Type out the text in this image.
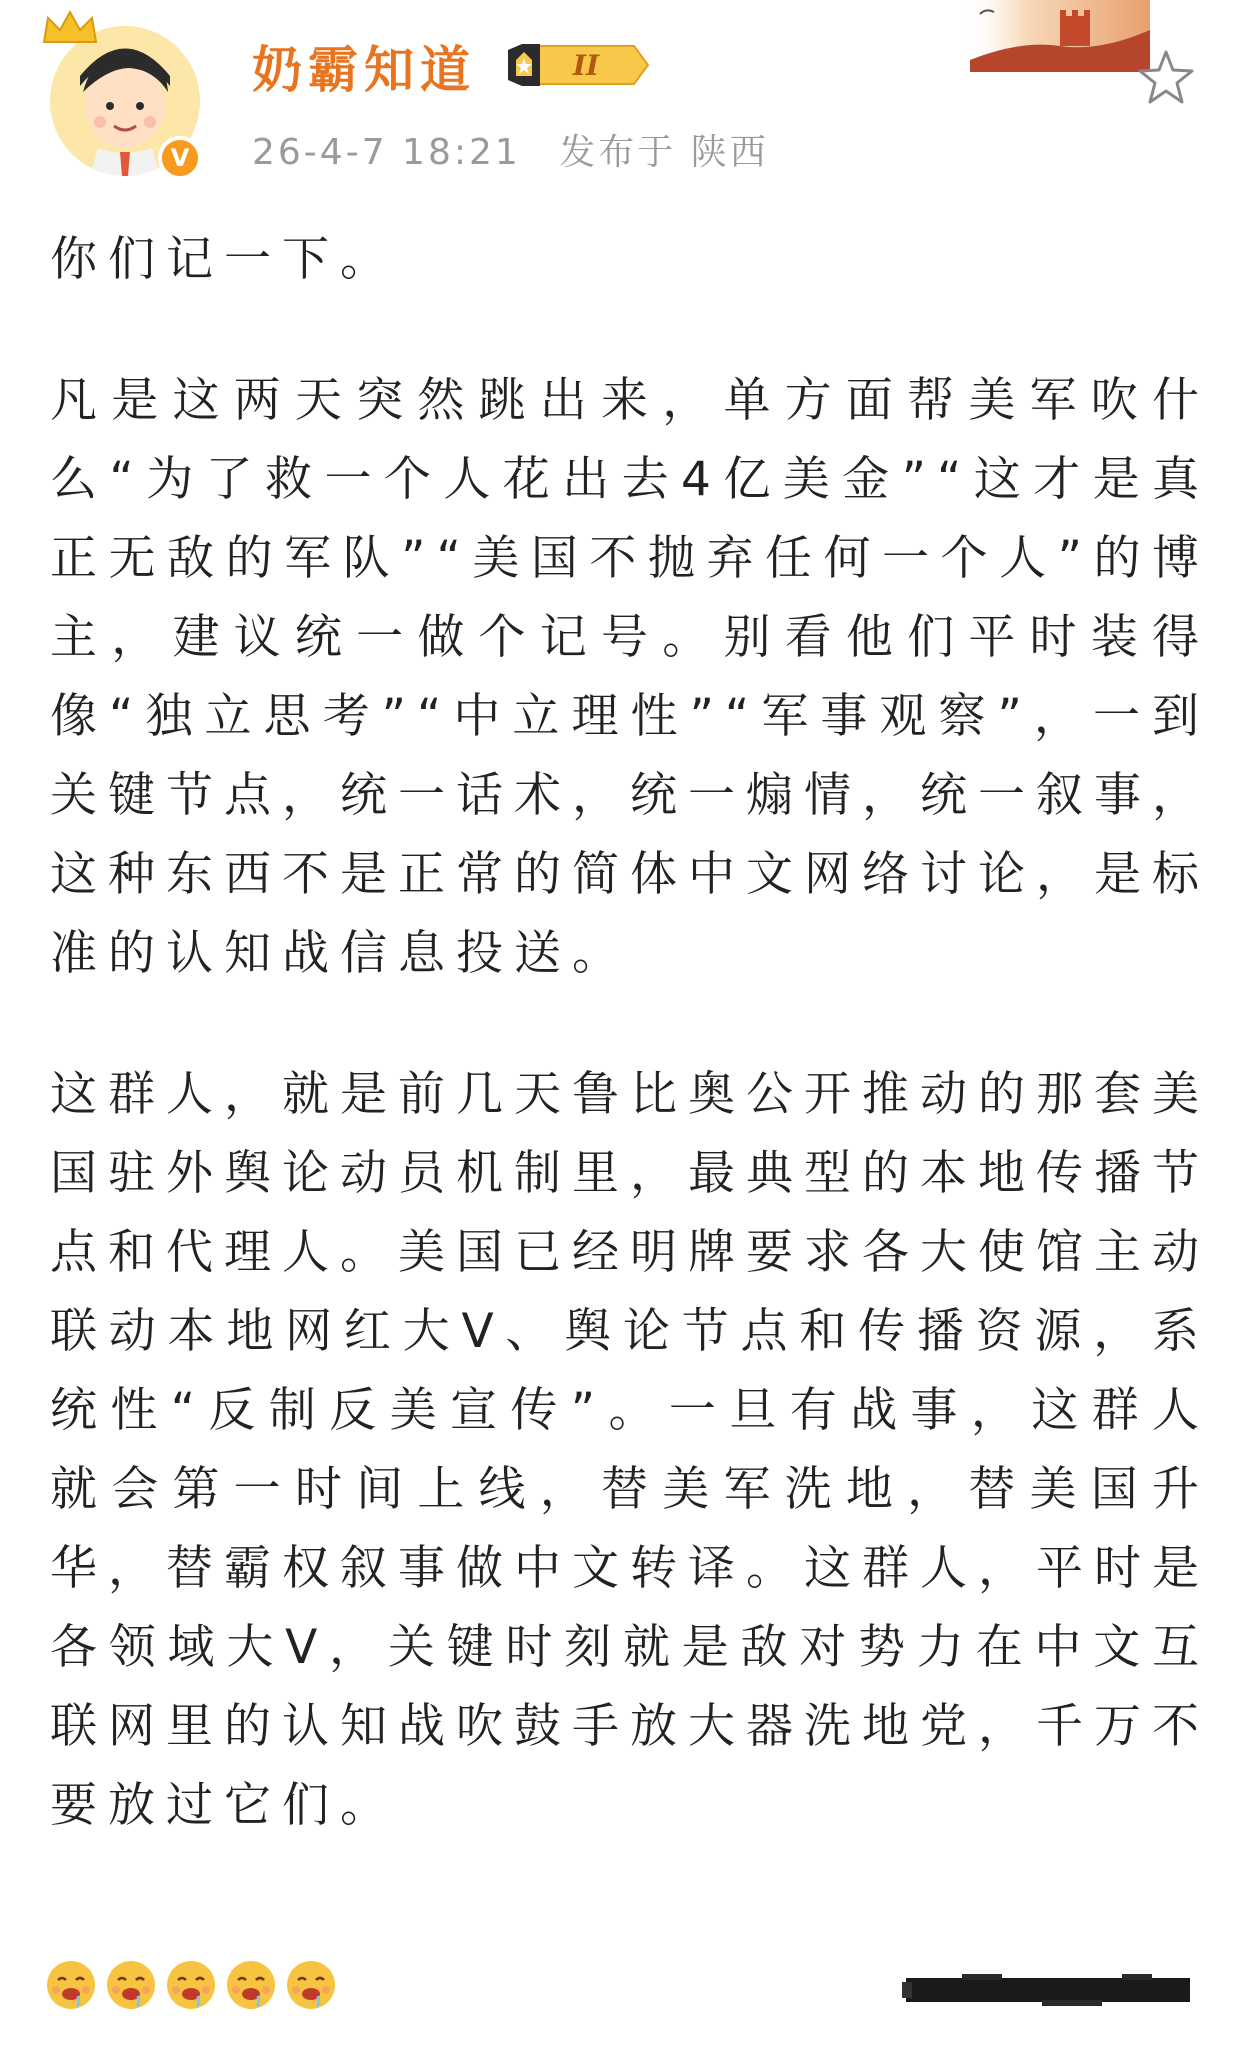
V
奶霸知道	II
26-4-7 18:21 发布于 陕西

你们记一下。

凡是这两天突然跳出来，单方面帮美军吹什么“为了救一个人花出去4亿美金”“这才是真正无敌的军队”“美国不抛弃任何一个人”的博主，建议统一做个记号。别看他们平时装得像“独立思考”“中立理性”“军事观察”，一到关键节点，统一话术，统一煽情，统一叙事，这种东西不是正常的简体中文网络讨论，是标准的认知战信息投送。

这群人，就是前几天鲁比奥公开推动的那套美国驻外舆论动员机制里，最典型的本地传播节点和代理人。美国已经明牌要求各大使馆主动联动本地网红大V、舆论节点和传播资源，系统性“反制反美宣传”。一旦有战事，这群人就会第一时间上线，替美军洗地，替美国升华，替霸权叙事做中文转译。这群人，平时是各领域大V，关键时刻就是敌对势力在中文互联网里的认知战吹鼓手放大器洗地党，千万不要放过它们。
